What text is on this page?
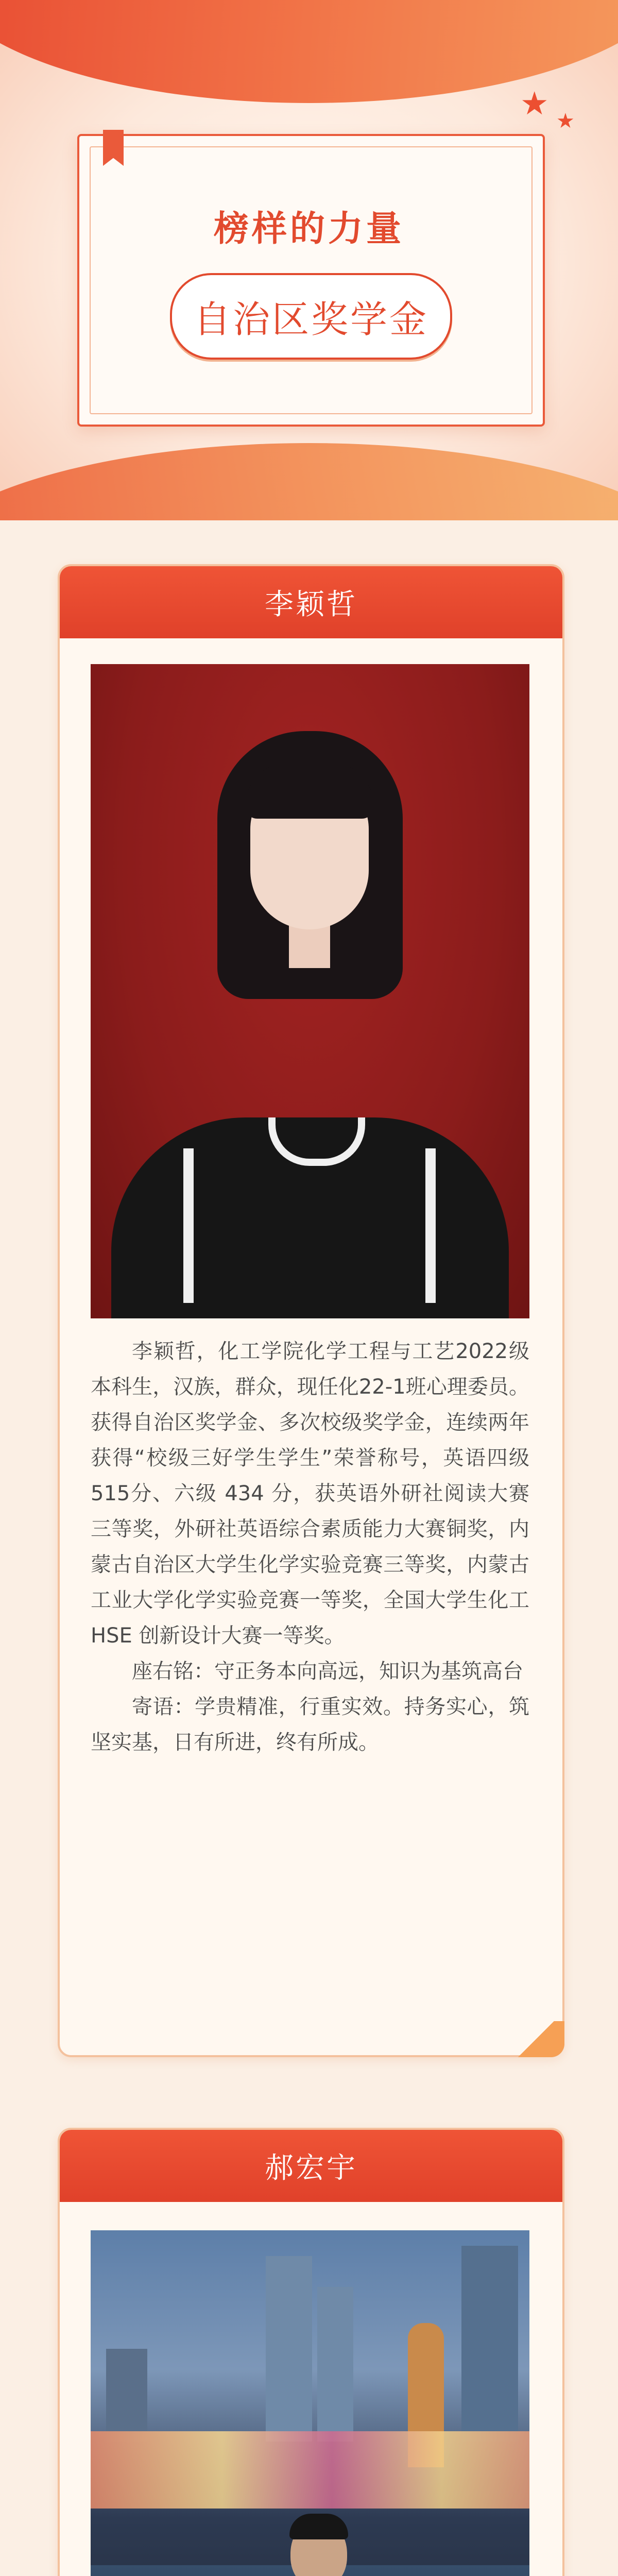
★ ★
榜样的力量
自治区奖学金
李颖哲

李颖哲，化工学院化学工程与工艺2022级本科生，汉族，群众，现任化22-1班心理委员。获得自治区奖学金、多次校级奖学金，连续两年获得“校级三好学生学生”荣誉称号，英语四级 515分、六级 434 分，获英语外研社阅读大赛三等奖，外研社英语综合素质能力大赛铜奖，内蒙古自治区大学生化学实验竞赛三等奖，内蒙古工业大学化学实验竞赛一等奖，全国大学生化工 HSE 创新设计大赛一等奖。

座右铭：守正务本向高远，知识为基筑高台

寄语：学贵精准，行重实效。持务实心，筑坚实基，日有所进，终有所成。

郝宏宇
